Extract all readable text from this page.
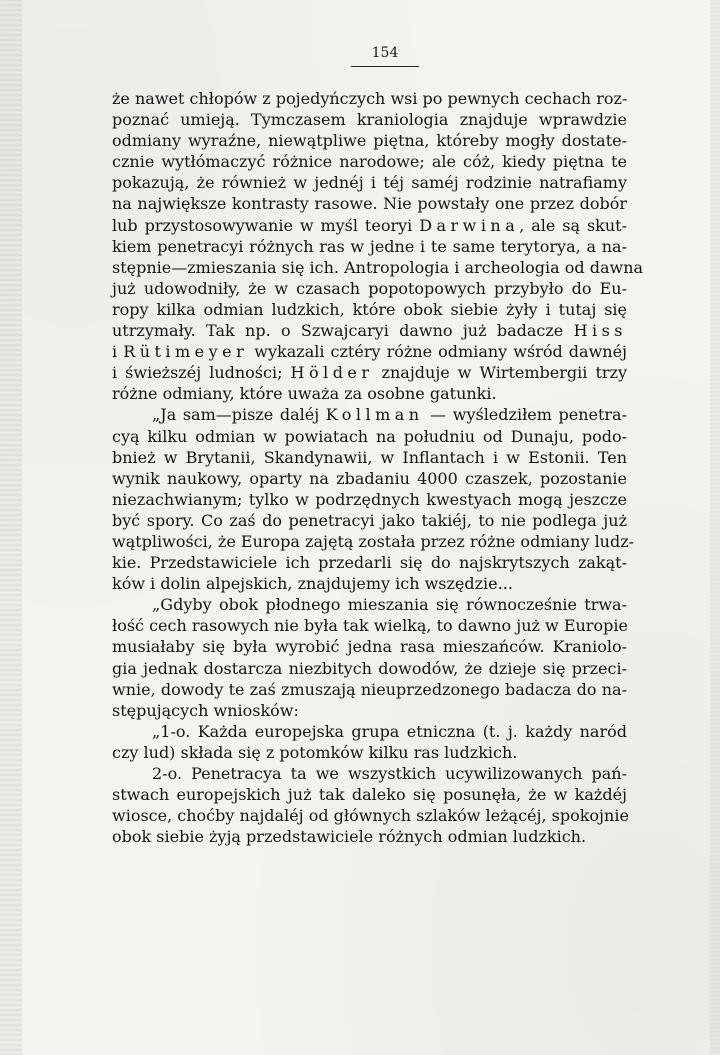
154
że nawet chłopów z pojedyńczych wsi po pewnych cechach roz-
poznać umieją. Tymczasem kraniologia znajduje wprawdzie
odmiany wyraźne, niewątpliwe piętna, któreby mogły dostate-
cznie wytłómaczyć różnice narodowe; ale cóż, kiedy piętna te
pokazują, że również w jednéj i téj saméj rodzinie natrafiamy
na największe kontrasty rasowe. Nie powstały one przez dobór
lub przystosowywanie w myśl teoryi Darwina, ale są skut-
kiem penetracyi różnych ras w jedne i te same terytorya, a na-
stępnie—zmieszania się ich. Antropologia i archeologia od dawna
już udowodniły, że w czasach popotopowych przybyło do Eu-
ropy kilka odmian ludzkich, które obok siebie żyły i tutaj się
utrzymały. Tak np. o Szwajcaryi dawno już badacze Hiss
i Rütimeyer wykazali cztéry różne odmiany wśród dawnéj
i świeższéj ludności; Hölder znajduje w Wirtembergii trzy
różne odmiany, które uważa za osobne gatunki.
„Ja sam—pisze daléj Kollman — wyśledziłem penetra-
cyą kilku odmian w powiatach na południu od Dunaju, podo-
bnież w Brytanii, Skandynawii, w Inflantach i w Estonii. Ten
wynik naukowy, oparty na zbadaniu 4000 czaszek, pozostanie
niezachwianym; tylko w podrzędnych kwestyach mogą jeszcze
być spory. Co zaś do penetracyi jako takiéj, to nie podlega już
wątpliwości, że Europa zajętą została przez różne odmiany ludz-
kie. Przedstawiciele ich przedarli się do najskrytszych zakąt-
ków i dolin alpejskich, znajdujemy ich wszędzie...
„Gdyby obok płodnego mieszania się równocześnie trwa-
łość cech rasowych nie była tak wielką, to dawno już w Europie
musiałaby się była wyrobić jedna rasa mieszańców. Kraniolo-
gia jednak dostarcza niezbitych dowodów, że dzieje się przeci-
wnie, dowody te zaś zmuszają nieuprzedzonego badacza do na-
stępujących wniosków:
„1-o. Każda europejska grupa etniczna (t. j. każdy naród
czy lud) składa się z potomków kilku ras ludzkich.
2-o. Penetracya ta we wszystkich ucywilizowanych pań-
stwach europejskich już tak daleko się posunęła, że w każdéj
wiosce, choćby najdaléj od głównych szlaków leżącéj, spokojnie
obok siebie żyją przedstawiciele różnych odmian ludzkich.
